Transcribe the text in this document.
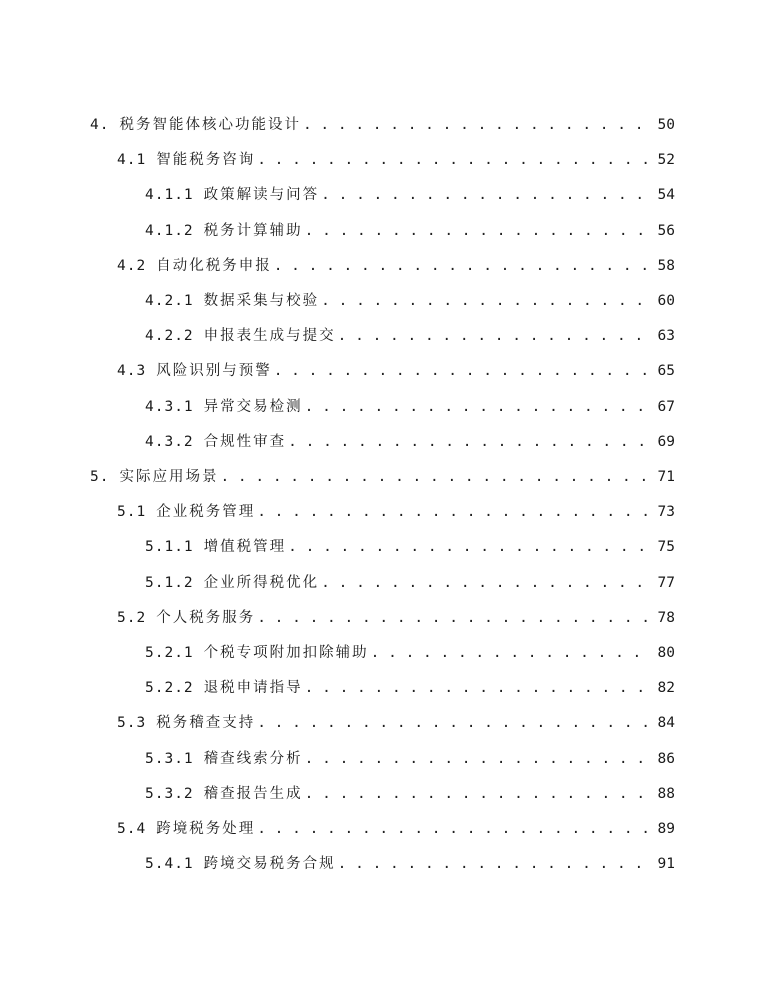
4. 税务智能体核心功能设计 . . .	50
4.1 智能税务咨询 . . .	52
4.1.1 政策解读与问答 . . .	54
4.1.2 税务计算辅助 . . .	56
4.2 自动化税务申报 . . .	58
4.2.1 数据采集与校验 . . .	60
4.2.2 申报表生成与提交 . . .	63
4.3 风险识别与预警 . . .	65
4.3.1 异常交易检测 . . .	67
4.3.2 合规性审查 . . .	69
5. 实际应用场景 . . .	71
5.1 企业税务管理 . . .	73
5.1.1 增值税管理 . . .	75
5.1.2 企业所得税优化 . . .	77
5.2 个人税务服务 . . .	78
5.2.1 个税专项附加扣除辅助 . . .	80
5.2.2 退税申请指导 . . .	82
5.3 税务稽查支持 . . .	84
5.3.1 稽查线索分析 . . .	86
5.3.2 稽查报告生成 . . .	88
5.4 跨境税务处理 . . .	89
5.4.1 跨境交易税务合规 . . .	91
